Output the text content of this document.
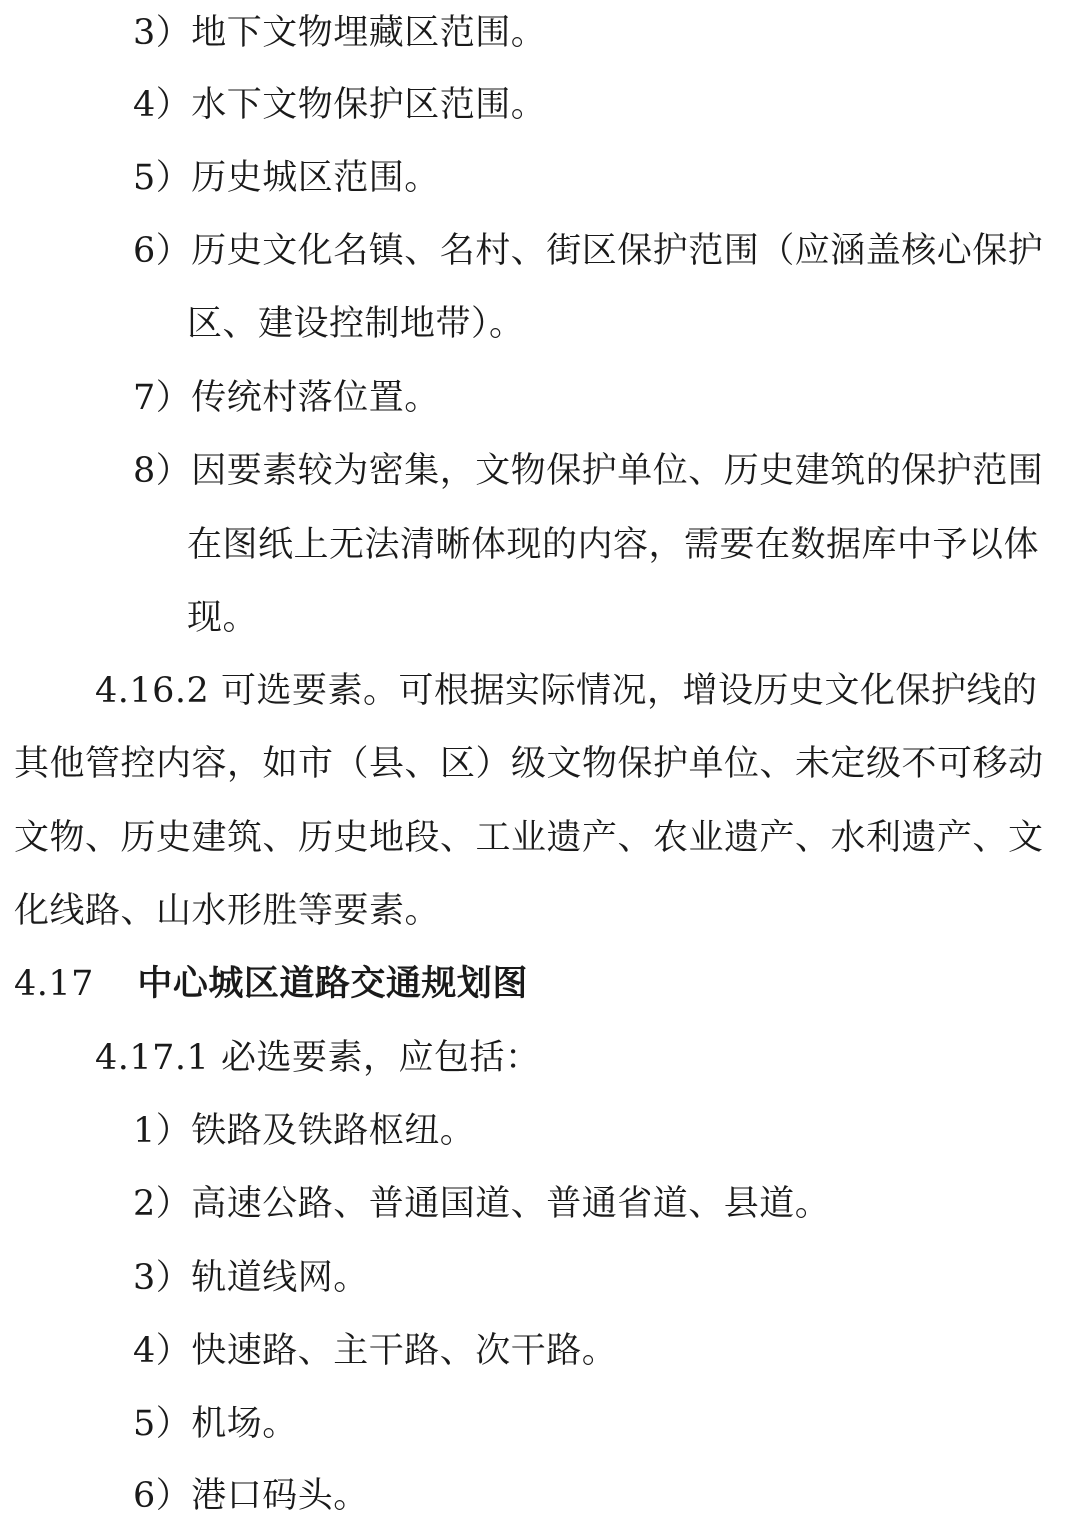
3）地下文物埋藏区范围。
4）水下文物保护区范围。
5）历史城区范围。
6）历史文化名镇、名村、街区保护范围（应涵盖核心保护
区、建设控制地带）。
7）传统村落位置。
8）因要素较为密集，文物保护单位、历史建筑的保护范围
在图纸上无法清晰体现的内容，需要在数据库中予以体
现。
4.16.2 可选要素。可根据实际情况，增设历史文化保护线的
其他管控内容，如市（县、区）级文物保护单位、未定级不可移动
文物、历史建筑、历史地段、工业遗产、农业遗产、水利遗产、文
化线路、山水形胜等要素。
4.17 中心城区道路交通规划图
4.17.1 必选要素，应包括：
1）铁路及铁路枢纽。
2）高速公路、普通国道、普通省道、县道。
3）轨道线网。
4）快速路、主干路、次干路。
5）机场。
6）港口码头。
